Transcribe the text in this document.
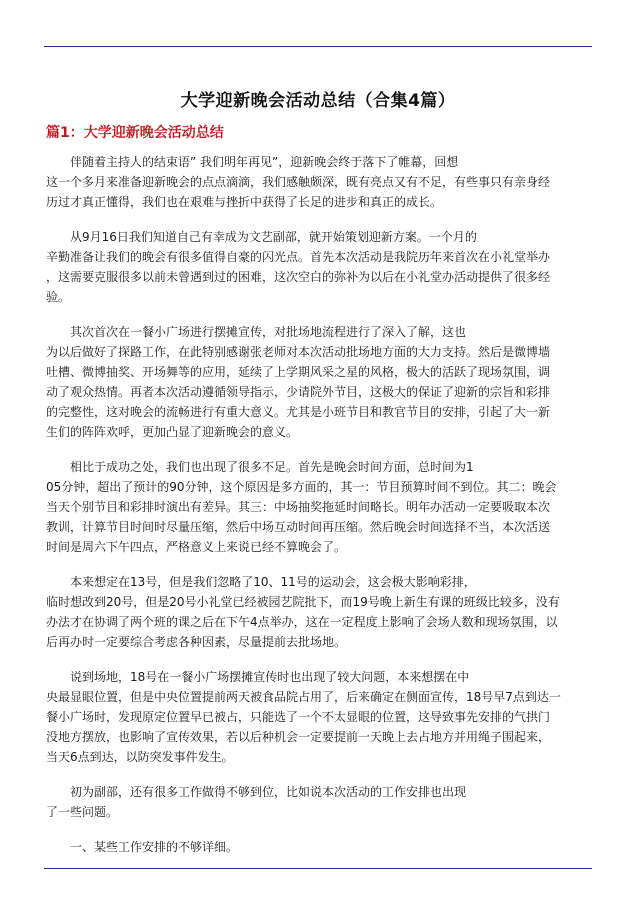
大学迎新晚会活动总结（合集4篇）
篇1：大学迎新晚会活动总结
伴随着主持人的结束语” 我们明年再见”，迎新晚会终于落下了帷幕，回想
这一个多月来准备迎新晚会的点点滴滴，我们感触颇深，既有亮点又有不足，有些事只有亲身经
历过才真正懂得，我们也在艰难与挫折中获得了长足的进步和真正的成长。
从9月16日我们知道自己有幸成为文艺副部，就开始策划迎新方案。一个月的
辛勤准备让我们的晚会有很多值得自豪的闪光点。首先本次活动是我院历年来首次在小礼堂举办
，这需要克服很多以前未曾遇到过的困难，这次空白的弥补为以后在小礼堂办活动提供了很多经
验。
其次首次在一餐小广场进行摆摊宣传，对批场地流程进行了深入了解，这也
为以后做好了探路工作，在此特别感谢张老师对本次活动批场地方面的大力支持。然后是微博墙
吐槽、微博抽奖、开场舞等的应用，延续了上学期风采之星的风格，极大的活跃了现场氛围，调
动了观众热情。再者本次活动遵循领导指示，少请院外节目，这极大的保证了迎新的宗旨和彩排
的完整性，这对晚会的流畅进行有重大意义。尤其是小班节目和教官节目的安排，引起了大一新
生们的阵阵欢呼，更加凸显了迎新晚会的意义。
相比于成功之处，我们也出现了很多不足。首先是晚会时间方面，总时间为1
05分钟，超出了预计的90分钟，这个原因是多方面的，其一：节目预算时间不到位。其二：晚会
当天个别节目和彩排时演出有差异。其三：中场抽奖拖延时间略长。明年办活动一定要吸取本次
教训，计算节目时间时尽量压缩，然后中场互动时间再压缩。然后晚会时间选择不当，本次活送
时间是周六下午四点，严格意义上来说已经不算晚会了。
本来想定在13号，但是我们忽略了10、11号的运动会，这会极大影响彩排，
临时想改到20号，但是20号小礼堂已经被园艺院批下，而19号晚上新生有课的班级比较多，没有
办法才在协调了两个班的课之后在下午4点举办，这在一定程度上影响了会场人数和现场氛围，以
后再办时一定要综合考虑各种因素，尽量提前去批场地。
说到场地，18号在一餐小广场摆摊宣传时也出现了较大问题，本来想摆在中
央最显眼位置，但是中央位置提前两天被食品院占用了，后来确定在侧面宣传，18号早7点到达一
餐小广场时，发现原定位置早已被占，只能选了一个不太显眼的位置，这导致事先安排的气拱门
没地方摆放，也影响了宣传效果，若以后种机会一定要提前一天晚上去占地方并用绳子围起来，
当天6点到达，以防突发事件发生。
初为副部，还有很多工作做得不够到位，比如说本次活动的工作安排也出现
了一些问题。
一、某些工作安排的不够详细。
